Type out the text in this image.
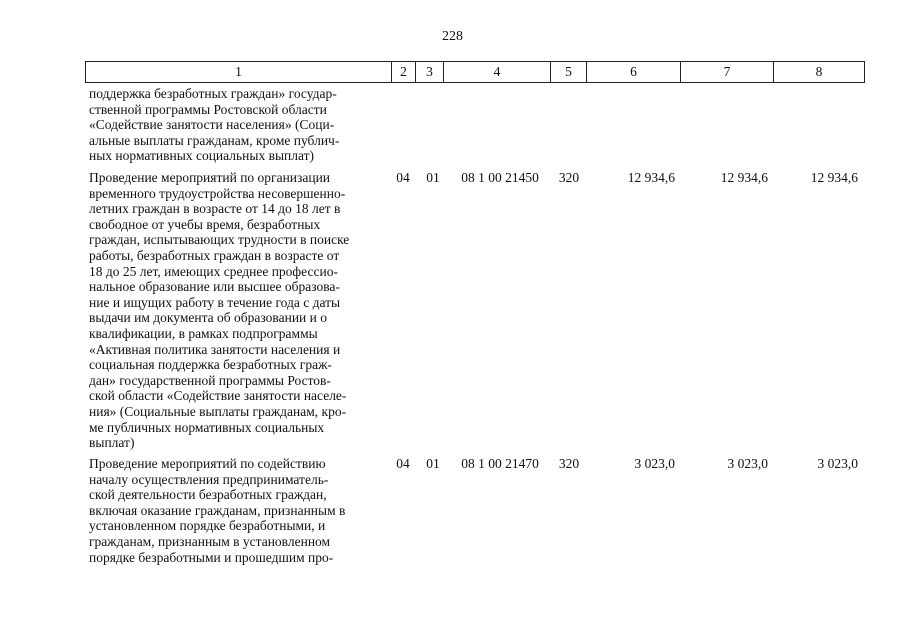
228
1	2	3	4	5	6	7	8
поддержка безработных граждан» государ-
ственной программы Ростовской области
«Содействие занятости населения» (Соци-
альные выплаты гражданам, кроме публич-
ных нормативных социальных выплат)
Проведение мероприятий по организации
временного трудоустройства несовершенно-
летних граждан в возрасте от 14 до 18 лет в
свободное от учебы время, безработных
граждан, испытывающих трудности в поиске
работы, безработных граждан в возрасте от
18 до 25 лет, имеющих среднее профессио-
нальное образование или высшее образова-
ние и ищущих работу в течение года с даты
выдачи им документа об образовании и о
квалификации, в рамках подпрограммы
«Активная политика занятости населения и
социальная поддержка безработных граж-
дан» государственной программы Ростов-
ской области «Содействие занятости населе-
ния» (Социальные выплаты гражданам, кро-
ме публичных нормативных социальных
выплат)
04	01	08 1 00 21450	320	12 934,6	12 934,6	12 934,6
Проведение мероприятий по содействию
началу осуществления предприниматель-
ской деятельности безработных граждан,
включая оказание гражданам, признанным в
установленном порядке безработными, и
гражданам, признанным в установленном
порядке безработными и прошедшим про-
04	01	08 1 00 21470	320	3 023,0	3 023,0	3 023,0
